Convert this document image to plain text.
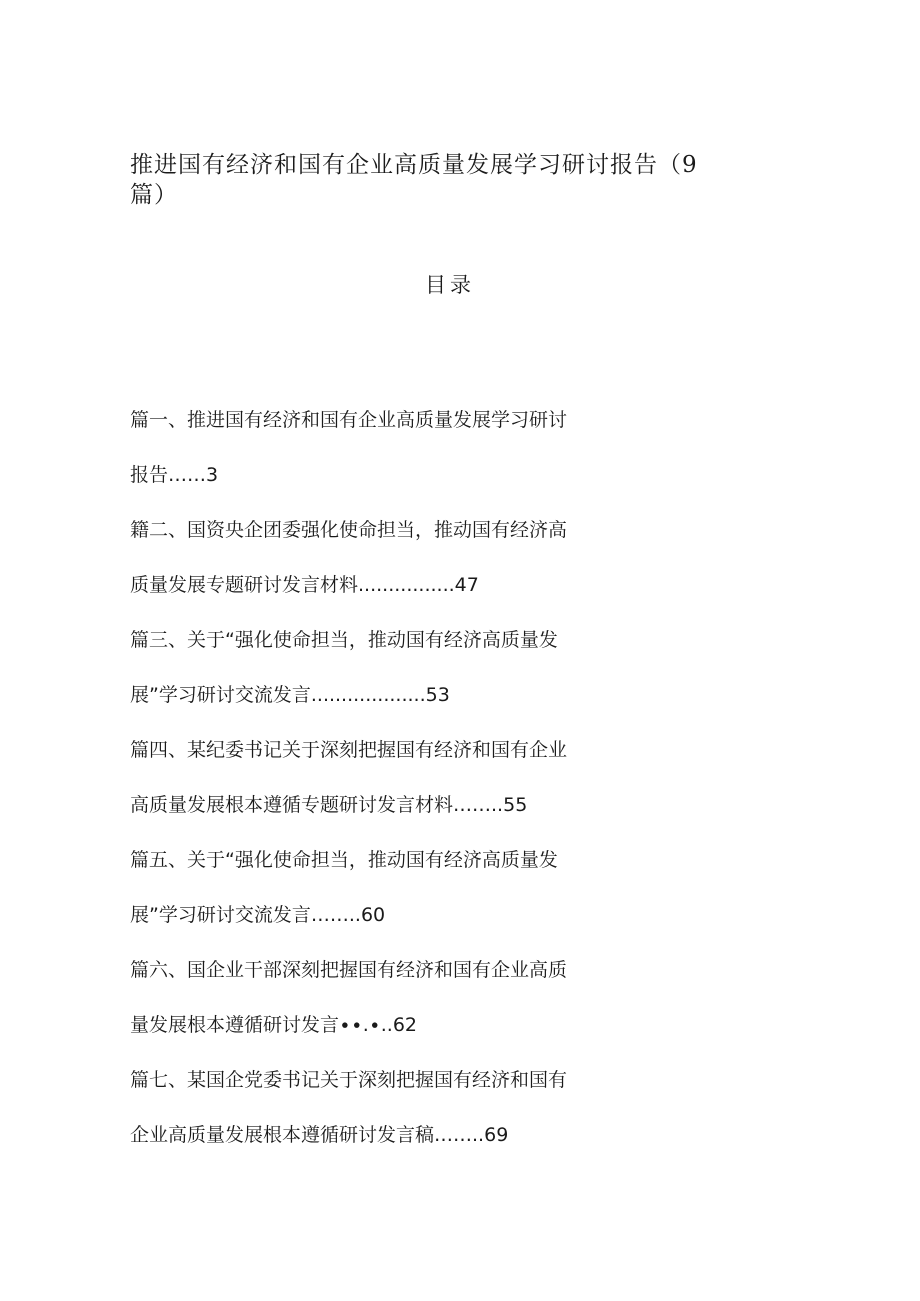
推进国有经济和国有企业高质量发展学习研讨报告（9
篇）
目录
篇一、推进国有经济和国有企业高质量发展学习研讨
报告……3
籍二、国资央企团委强化使命担当，推动国有经济高
质量发展专题研讨发言材料................47
篇三、关于“强化使命担当，推动国有经济高质量发
展”学习研讨交流发言...................53
篇四、某纪委书记关于深刻把握国有经济和国有企业
高质量发展根本遵循专题研讨发言材料……..55
篇五、关于“强化使命担当，推动国有经济高质量发
展”学习研讨交流发言……..60
篇六、国企业干部深刻把握国有经济和国有企业高质
量发展根本遵循研讨发言∙∙.∙..62
篇七、某国企党委书记关于深刻把握国有经济和国有
企业高质量发展根本遵循研讨发言稿……..69
